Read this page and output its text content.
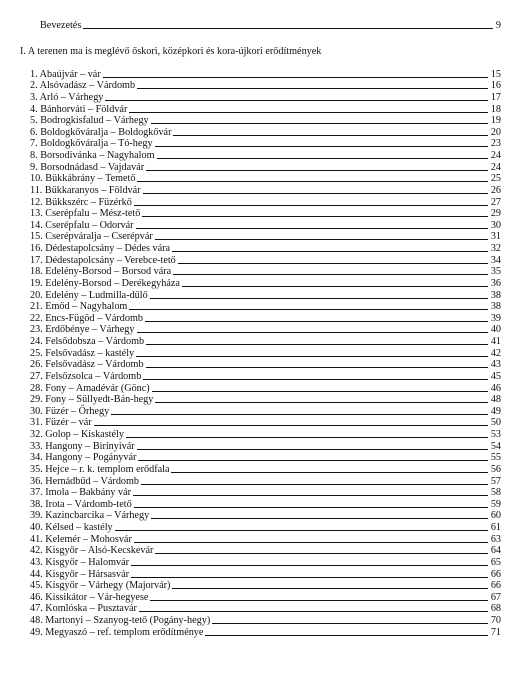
Bevezetés	9
I. A tereпen ma is meglévő őskori, középkori és kora-újkori erődítmények
1. Abaújvár – vár	15
2. Alsóvadász – Várdomb	16
3. Arló – Várhegy	17
4. Bánhorváti – Földvár	18
5. Bodrogkisfalud – Várhegy	19
6. Boldogkőváralja – Boldogkővár	20
7. Boldogkőváralja – Tó-hegy	23
8. Borsodivánka – Nagyhalom	24
9. Borsodnádasd – Vajdavár	24
10. Bükkábrány – Temető	25
11. Bükkaranyos – Földvár	26
12. Bükkszérc – Füzérkő	27
13. Cserépfalu – Mész-tető	29
14. Cserépfalu – Odorvár	30
15. Cserépváralja – Cserépvár	31
16. Dédestapolcsány – Dédes vára	32
17. Dédestapolcsány – Verebce-tető	34
18. Edelény-Borsod – Borsod vára	35
19. Edelény-Borsod – Derékegyháza	36
20. Edelény – Ludmilla-dűlő	38
21. Emőd – Nagyhalom	38
22. Encs-Fügöd – Várdomb	39
23. Erdőbénye – Várhegy	40
24. Felsődobsza – Várdomb	41
25. Felsővadász – kastély	42
26. Felsővadász – Várdomb	43
27. Felsőzsolca – Várdomb	45
28. Fony – Amadévár (Gönc)	46
29. Fony – Süllyedt-Bán-hegy	48
30. Füzér – Őrhegy	49
31. Füzér – vár	50
32. Golop – Kiskastély	53
33. Hangony – Birinyivár	54
34. Hangony – Pogányvár	55
35. Hejce – r. k. templom erődfala	56
36. Hernádbűd – Várdomb	57
37. Imola – Bakbány vár	58
38. Irota – Várdomb-tető	59
39. Kazincbarcika – Várhegy	60
40. Kélsed – kastély	61
41. Kelemér – Mohosvár	63
42. Kisgyőr – Alsó-Kecskevár	64
43. Kisgyőr – Halomvár	65
44. Kisgyőr – Hársasvár	66
45. Kisgyőr – Várhegy (Majorvár)	66
46. Kissikátor – Vár-hegyese	67
47. Komlóska – Pusztavár	68
48. Martonyi – Szanyog-tető (Pogány-hegy)	70
49. Megyaszó – ref. templom erődítménye	71
